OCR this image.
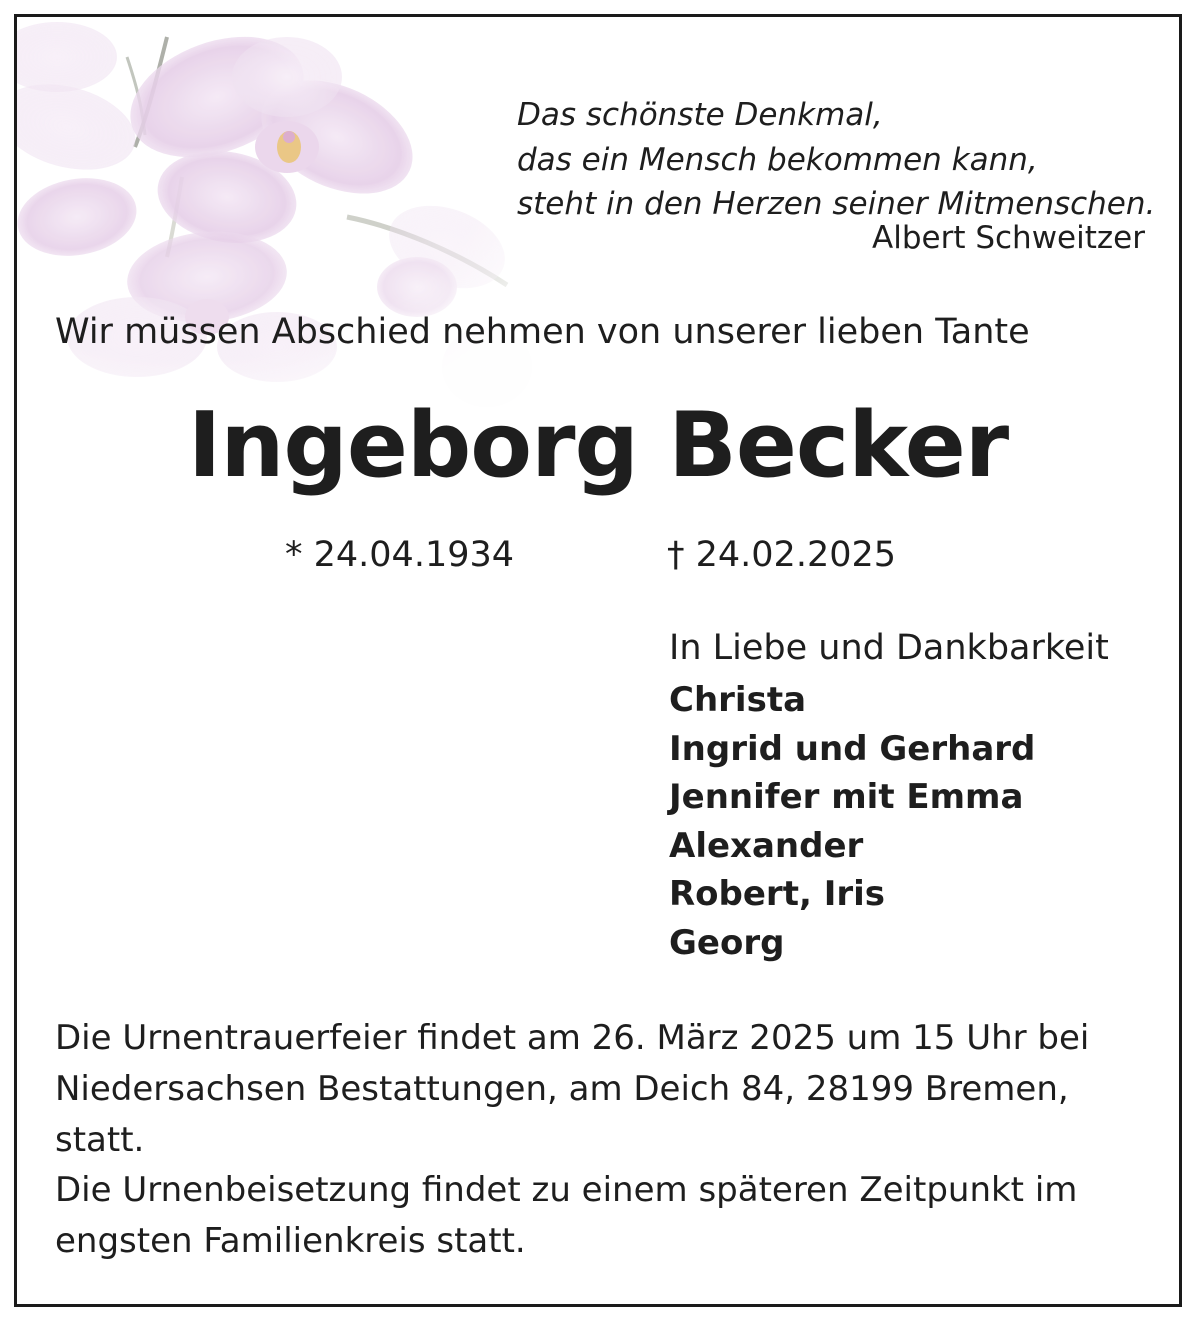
Das schönste Denkmal,
das ein Mensch bekommen kann,
steht in den Herzen seiner Mitmenschen.
Albert Schweitzer
Wir müssen Abschied nehmen von unserer lieben Tante
Ingeborg Becker
* 24.04.1934	† 24.02.2025
In Liebe und Dankbarkeit
Christa
Ingrid und Gerhard
Jennifer mit Emma
Alexander
Robert, Iris
Georg
Die Urnentrauerfeier findet am 26. März 2025 um 15 Uhr bei Niedersachsen Bestattungen, am Deich 84, 28199 Bremen, statt.
Die Urnenbeisetzung findet zu einem späteren Zeitpunkt im engsten Familienkreis statt.
